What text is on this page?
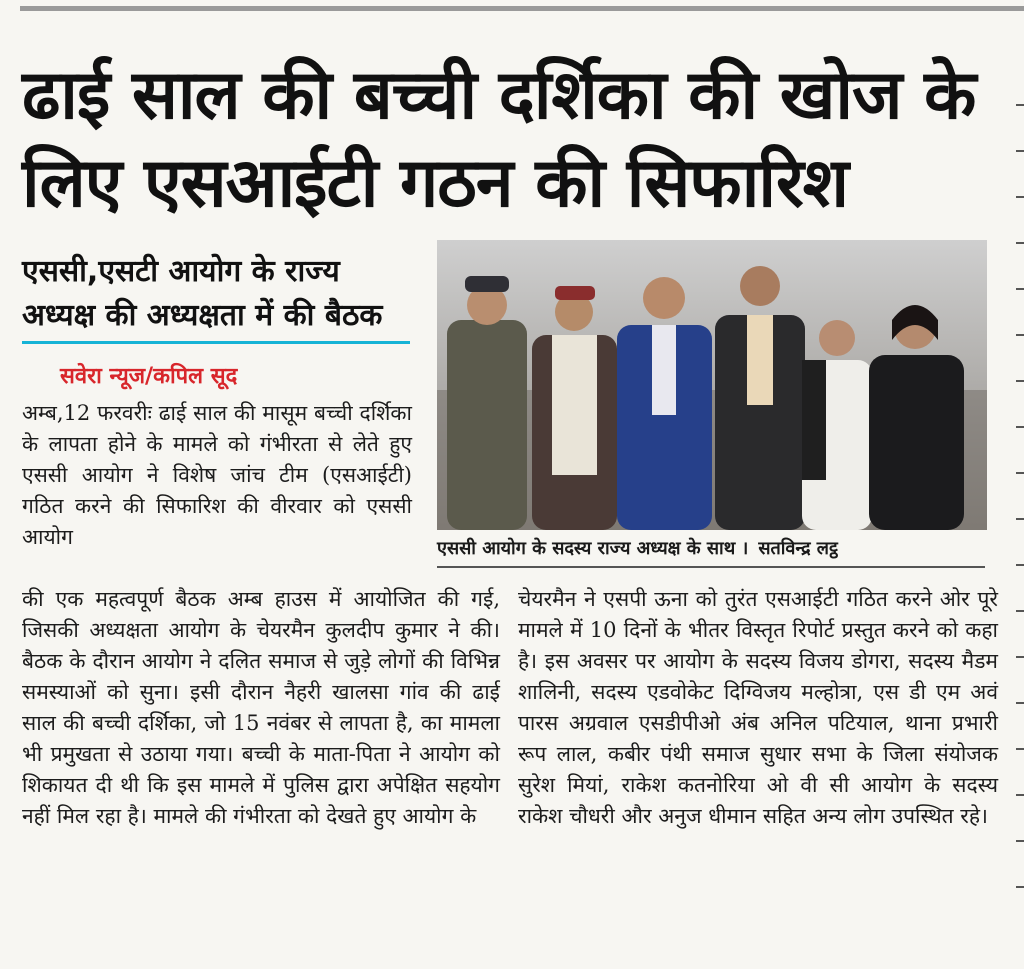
ढाई साल की बच्ची दर्शिका की खोज के लिए एसआईटी गठन की सिफारिश
एससी,एसटी आयोग के राज्य अध्यक्ष की अध्यक्षता में की बैठक
सवेरा न्यूज/कपिल सूद

अम्ब,12 फरवरीः ढाई साल की मासूम बच्ची दर्शिका के लापता होने के मामले को गंभीरता से लेते हुए एससी आयोग ने विशेष जांच टीम (एसआईटी) गठित करने की सिफारिश की वीरवार को एससी आयोग	एससी आयोग के सदस्य राज्य अध्यक्ष के साथ । सतविन्द्र लट्ठ

की एक महत्वपूर्ण बैठक अम्ब हाउस में आयोजित की गई, जिसकी अध्यक्षता आयोग के चेयरमैन कुलदीप कुमार ने की। बैठक के दौरान आयोग ने दलित समाज से जुड़े लोगों की विभिन्न समस्याओं को सुना। इसी दौरान नैहरी खालसा गांव की ढाई साल की बच्ची दर्शिका, जो 15 नवंबर से लापता है, का मामला भी प्रमुखता से उठाया गया। बच्ची के माता-पिता ने आयोग को शिकायत दी थी कि इस मामले में पुलिस द्वारा अपेक्षित सहयोग नहीं मिल रहा है। मामले की गंभीरता को देखते हुए आयोग के

चेयरमैन ने एसपी ऊना को तुरंत एसआईटी गठित करने ओर पूरे मामले में 10 दिनों के भीतर विस्तृत रिपोर्ट प्रस्तुत करने को कहा है। इस अवसर पर आयोग के सदस्य विजय डोगरा, सदस्य मैडम शालिनी, सदस्य एडवोकेट दिग्विजय मल्होत्रा, एस डी एम अवं पारस अग्रवाल एसडीपीओ अंब अनिल पटियाल, थाना प्रभारी रूप लाल, कबीर पंथी समाज सुधार सभा के जिला संयोजक सुरेश मियां, राकेश कतनोरिया ओ वी सी आयोग के सदस्य राकेश चौधरी और अनुज धीमान सहित अन्य लोग उपस्थित रहे।
